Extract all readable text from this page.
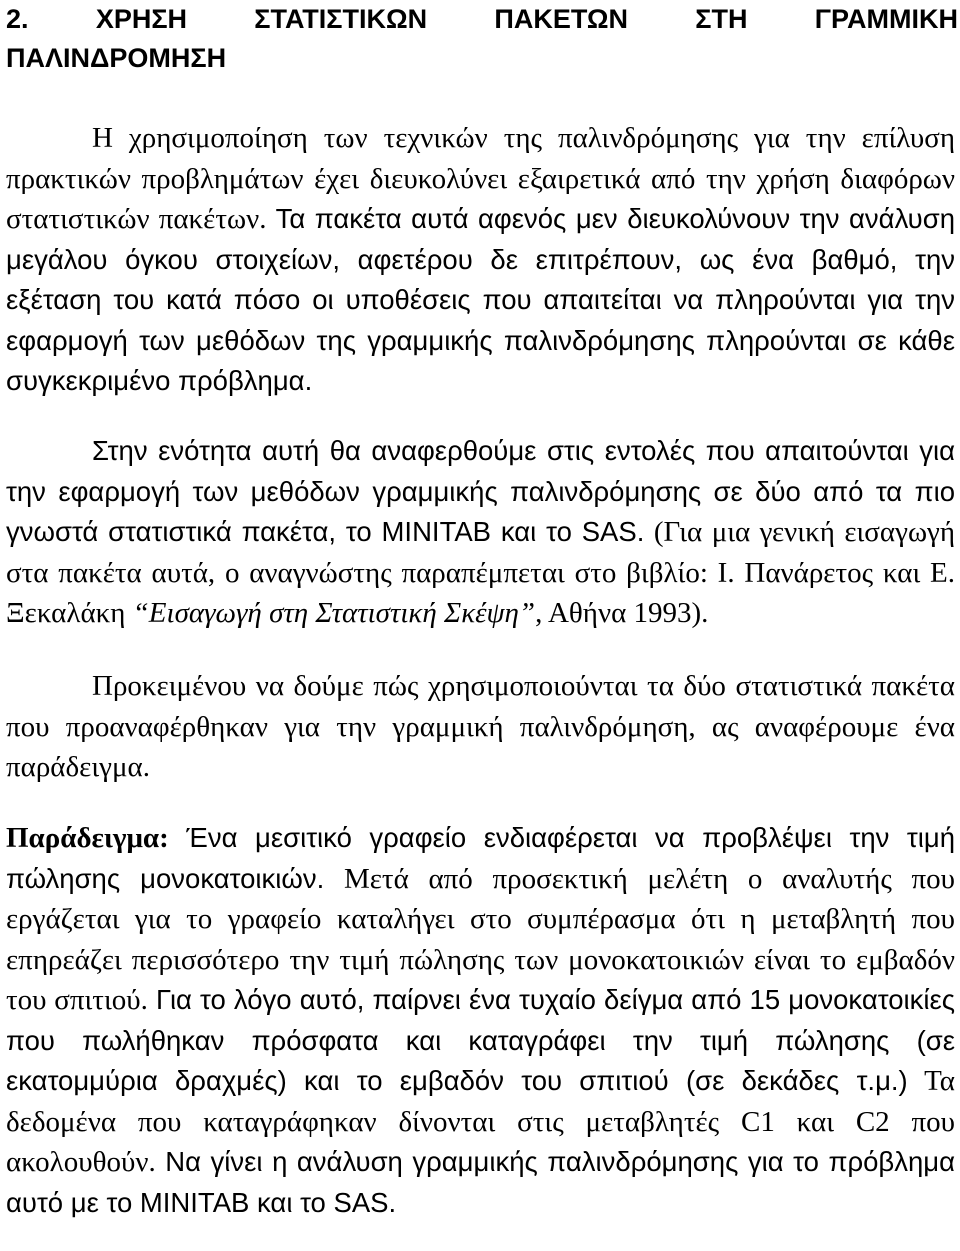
2. ΧΡΗΣΗ ΣΤΑΤΙΣΤΙΚΩΝ ΠΑΚΕΤΩΝ ΣΤΗ ΓΡΑΜΜΙΚΗ
ΠΑΛΙΝΔΡΟΜΗΣΗ

Η χρησιμοποίηση των τεχνικών της παλινδρόμησης για την επίλυση πρακτικών προβλημάτων έχει διευκολύνει εξαιρετικά από την χρήση διαφόρων στατιστικών πακέτων. Τα πακέτα αυτά αφενός μεν διευκολύνουν την ανάλυση μεγάλου όγκου στοιχείων, αφετέρου δε επιτρέπουν, ως ένα βαθμό, την εξέταση του κατά πόσο οι υποθέσεις που απαιτείται να πληρούνται για την εφαρμογή των μεθόδων της γραμμικής παλινδρόμησης πληρούνται σε κάθε συγκεκριμένο πρόβλημα.

Στην ενότητα αυτή θα αναφερθούμε στις εντολές που απαιτούνται για την εφαρμογή των μεθόδων γραμμικής παλινδρόμησης σε δύο από τα πιο γνωστά στατιστικά πακέτα, το MINITAB και το SAS. (Για μια γενική εισαγωγή στα πακέτα αυτά, ο αναγνώστης παραπέμπεται στο βιβλίο: Ι. Πανάρετος και Ε. Ξεκαλάκη “Εισαγωγή στη Στατιστική Σκέψη”, Αθήνα 1993).

Προκειμένου να δούμε πώς χρησιμοποιούνται τα δύο στατιστικά πακέτα που προαναφέρθηκαν για την γραμμική παλινδρόμηση, ας αναφέρουμε ένα παράδειγμα.

Παράδειγμα: Ένα μεσιτικό γραφείο ενδιαφέρεται να προβλέψει την τιμή πώλησης μονοκατοικιών. Μετά από προσεκτική μελέτη ο αναλυτής που εργάζεται για το γραφείο καταλήγει στο συμπέρασμα ότι η μεταβλητή που επηρεάζει περισσότερο την τιμή πώλησης των μονοκατοικιών είναι το εμβαδόν του σπιτιού. Για το λόγο αυτό, παίρνει ένα τυχαίο δείγμα από 15 μονοκατοικίες που πωλήθηκαν πρόσφατα και καταγράφει την τιμή πώλησης (σε εκατομμύρια δραχμές) και το εμβαδόν του σπιτιού (σε δεκάδες τ.μ.) Τα δεδομένα που καταγράφηκαν δίνονται στις μεταβλητές C1 και C2 που ακολουθούν. Να γίνει η ανάλυση γραμμικής παλινδρόμησης για το πρόβλημα αυτό με το MINITAB και το SAS.
